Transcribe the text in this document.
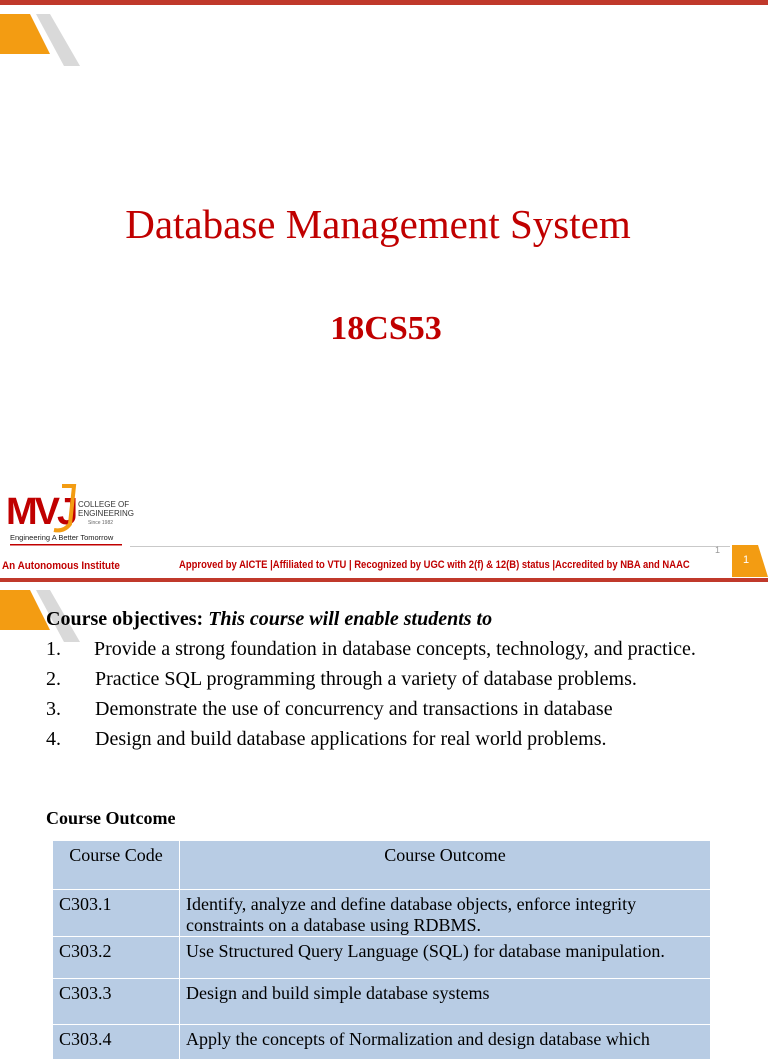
Database Management System
18CS53
MVJ COLLEGE OF
ENGINEERING
Since 1982
Engineering A Better Tomorrow
An Autonomous Institute	Approved by AICTE |Affiliated to VTU | Recognized by UGC with 2(f) & 12(B) status |Accredited by NBA and NAAC
1
1
Course objectives: This course will enable students to
1. Provide a strong foundation in database concepts, technology, and practice.
2. Practice SQL programming through a variety of database problems.
3. Demonstrate the use of concurrency and transactions in database
4. Design and build database applications for real world problems.
Course Outcome
Course Code	Course Outcome
C303.1	Identify, analyze and define database objects, enforce integrity constraints on a database using RDBMS.
C303.2	Use Structured Query Language (SQL) for database manipulation.
C303.3	Design and build simple database systems
C303.4	Apply the concepts of Normalization and design database which
